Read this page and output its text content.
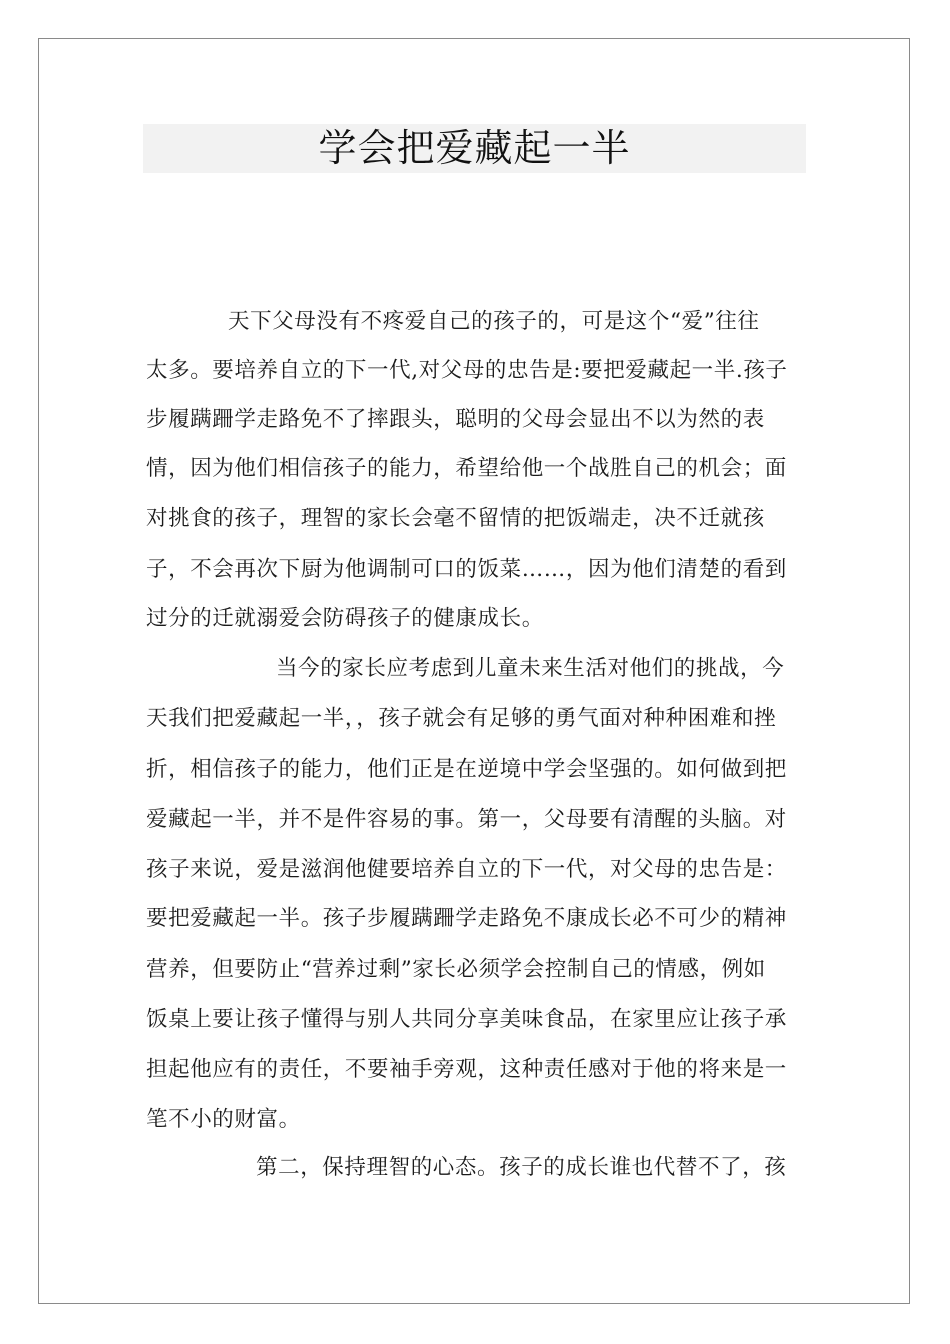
学会把爱藏起一半

天下父母没有不疼爱自己的孩子的，可是这个“爱”往往

太多。要培养自立的下一代,对父母的忠告是:要把爱藏起一半.孩子

步履蹒跚学走路免不了摔跟头，聪明的父母会显出不以为然的表

情，因为他们相信孩子的能力，希望给他一个战胜自己的机会；面

对挑食的孩子，理智的家长会毫不留情的把饭端走，决不迁就孩

子，不会再次下厨为他调制可口的饭菜……，因为他们清楚的看到

过分的迁就溺爱会防碍孩子的健康成长。

当今的家长应考虑到儿童未来生活对他们的挑战，今

天我们把爱藏起一半，，孩子就会有足够的勇气面对种种困难和挫

折，相信孩子的能力，他们正是在逆境中学会坚强的。如何做到把

爱藏起一半，并不是件容易的事。第一，父母要有清醒的头脑。对

孩子来说，爱是滋润他健要培养自立的下一代，对父母的忠告是：

要把爱藏起一半。孩子步履蹒跚学走路免不康成长必不可少的精神

营养，但要防止“营养过剩”家长必须学会控制自己的情感，例如

饭桌上要让孩子懂得与别人共同分享美味食品，在家里应让孩子承

担起他应有的责任，不要袖手旁观，这种责任感对于他的将来是一

笔不小的财富。

第二，保持理智的心态。孩子的成长谁也代替不了，孩
